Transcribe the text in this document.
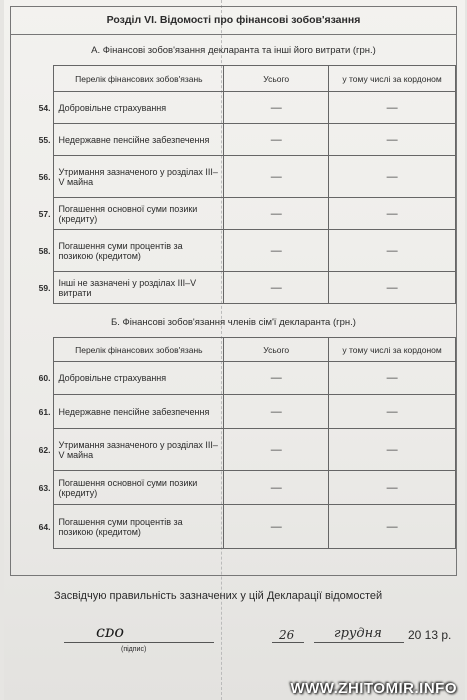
Розділ VI. Відомості про фінансові зобов'язання
А. Фінансові зобов'язання декларанта та інші його витрати (грн.)
	Перелік фінансових зобов'язань	Усього	у тому числі за кордоном
54.	Добровільне страхування	—	—
55.	Недержавне пенсійне забезпечення	—	—
56.	Утримання зазначеного у розділах III–V майна	—	—
57.	Погашення основної суми позики (кредиту)	—	—
58.	Погашення суми процентів за позикою (кредитом)	—	—
59.	Інші не зазначені у розділах III–V витрати	—	—
Б. Фінансові зобов'язання членів сім'ї декларанта (грн.)
	Перелік фінансових зобов'язань	Усього	у тому числі за кордоном
60.	Добровільне страхування	—	—
61.	Недержавне пенсійне забезпечення	—	—
62.	Утримання зазначеного у розділах III–V майна	—	—
63.	Погашення основної суми позики (кредиту)	—	—
64.	Погашення суми процентів за позикою (кредитом)	—	—
Засвідчую правильність зазначених у цій Декларації відомостей
ᴄᴅᴏ
(підпис)
26	грудня 20 13 р.
WWW.ZHITOMIR.INFO
